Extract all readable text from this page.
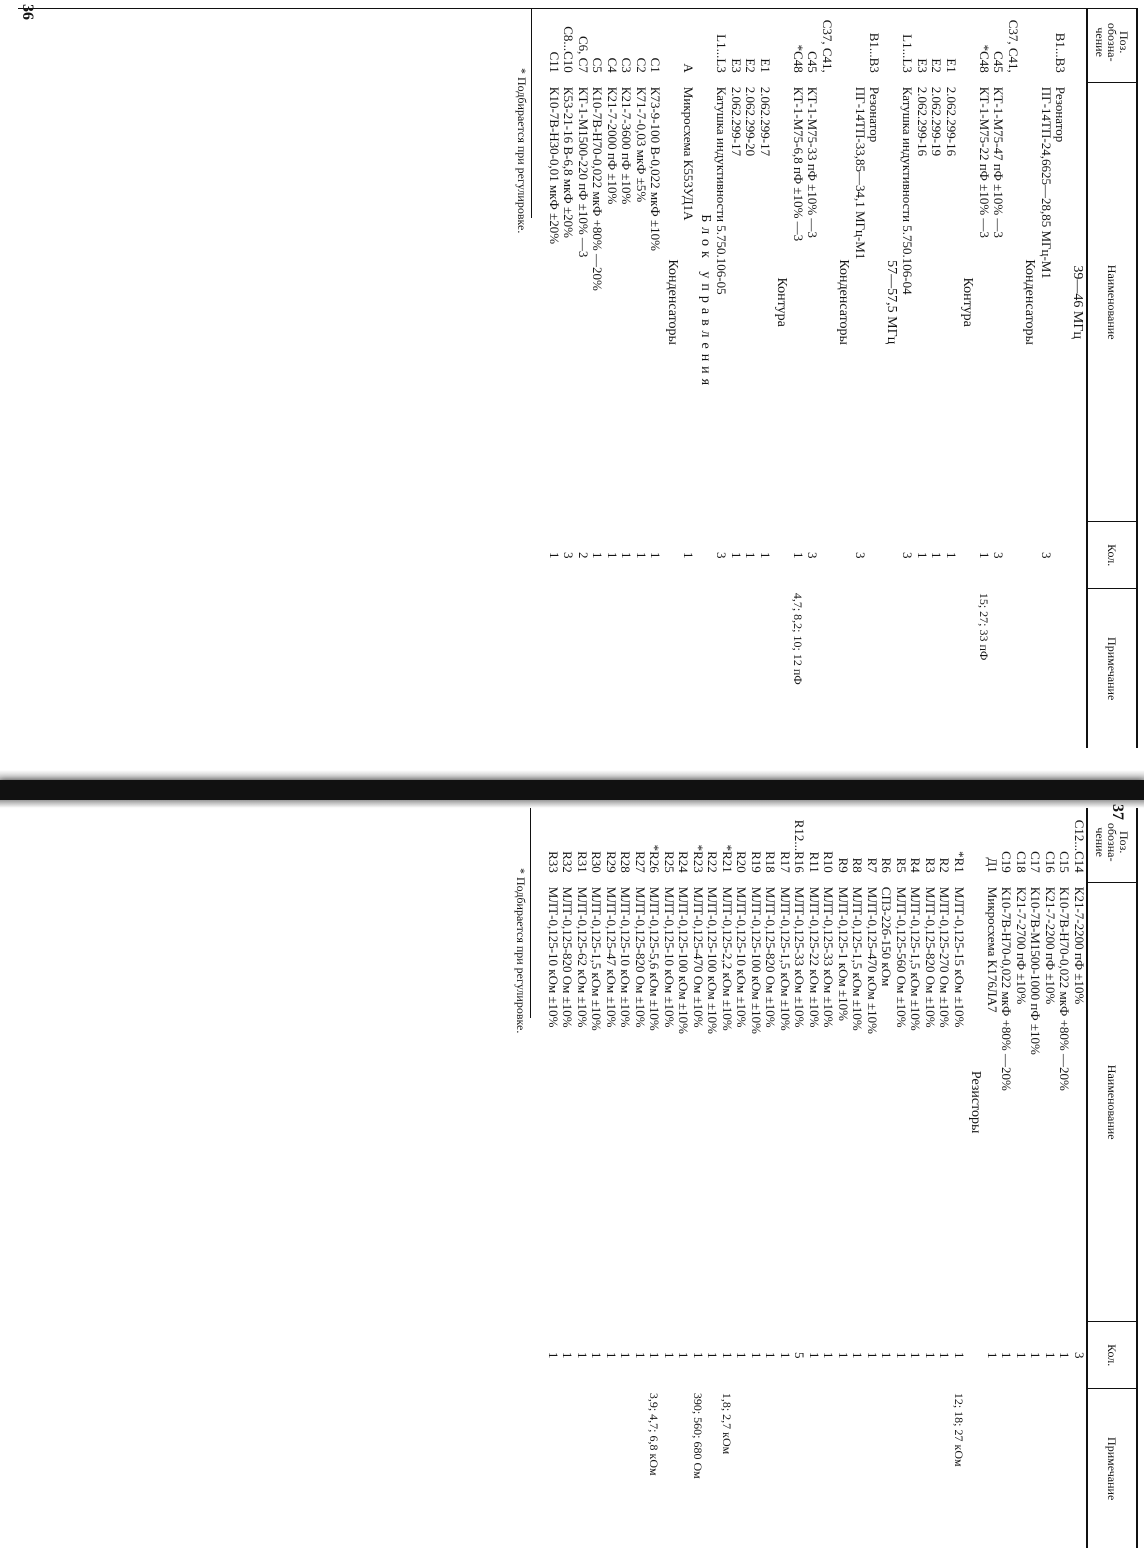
Поз. обозна-чение	Наименование	Кол.	Примечание
	39—46 МГц		
B1...B3	Резонатор		
	ПГ-14ТП-24,6625—28,85 МГц-М1	3	
	Конденсаторы		
C37, C41,			
C45	КТ-1-М75-47 пФ ±10% —3	3	
*C48	КТ-1-М75-22 пФ ±10% —3	1	15; 27; 33 пФ
	Контура		
E1	2.062.299-16	1	
E2	2.062.299-19	1	
E3	2.062.299-16	1	
L1...L3	Катушка индуктивности 5.750.106-04	3	
	57—57,5 МГц		
B1...B3	Резонатор		
	ПГ-14ТП-33,85—34,1 МГц-М1	3	
	Конденсаторы		
C37, C41,			
C45	КТ-1-М75-33 пФ ±10% —3	3	
*C48	КТ-1-М75-6,8 пФ ±10% —3	1	4,7; 8,2; 10; 12 пФ
	Контура		
E1	2.062.299-17	1	
E2	2.062.299-20	1	
E3	2.062.299-17	1	
L1...L3	Катушка индуктивности 5.750.106-05	3	
	Блок управления		
A	Микросхема К553УД1А	1	
	Конденсаторы		
C1	К73-9-100 В-0,022 мкФ ±10%	1	
C2	К71-7-0,03 мкФ ±5%	1	
C3	К21-7-3600 пФ ±10%	1	
C4	К21-7-2000 пФ ±10%	1	
C5	К10-7В-Н70-0,022 мкФ +80% —20%	1	
C6, C7	КТ-1-М1500-220 пФ ±10% —3	2	
C8...C10	К53-21-16 В-6,8 мкФ ±20%	3	
C11	К10-7В-Н30-0,01 мкФ ±20%	1	
* Подбирается при регулировке.
36
Поз. обозна-чение	Наименование	Кол.	Примечание
C12...C14	К21-7-2200 пФ ±10%	3	
C15	К10-7В-Н70-0,022 мкФ +80% —20%	1	
C16	К21-7-2200 пФ ±10%	1	
C17	К10-7В-М1500-1000 пФ ±10%	1	
C18	К21-7-2700 пФ ±10%	1	
C19	К10-7В-Н70-0,022 мкФ +80% —20%	1	
Д1	Микросхема К176ЛА7	1	
	Резисторы		
*R1	МЛТ-0,125-15 кОм ±10%	1	12; 18; 27 кОм
R2	МЛТ-0,125-270 Ом ±10%	1	
R3	МЛТ-0,125-820 Ом ±10%	1	
R4	МЛТ-0,125-1,5 кОм ±10%	1	
R5	МЛТ-0,125-560 Ом ±10%	1	
R6	СП3-22б-150 кОм	1	
R7	МЛТ-0,125-470 кОм ±10%	1	
R8	МЛТ-0,125-1,5 кОм ±10%	1	
R9	МЛТ-0,125-1 кОм ±10%	1	
R10	МЛТ-0,125-33 кОм ±10%	1	
R11	МЛТ-0,125-22 кОм ±10%	1	
R12...R16	МЛТ-0,125-33 кОм ±10%	5	
R17	МЛТ-0,125-1,5 кОм ±10%	1	
R18	МЛТ-0,125-820 Ом ±10%	1	
R19	МЛТ-0,125-100 кОм ±10%	1	
R20	МЛТ-0,125-10 кОм ±10%	1	
*R21	МЛТ-0,125-2,2 кОм ±10%	1	1,8; 2,7 кОм
R22	МЛТ-0,125-100 кОм ±10%	1	
*R23	МЛТ-0,125-470 Ом ±10%	1	390; 560; 680 Ом
R24	МЛТ-0,125-100 кОм ±10%	1	
R25	МЛТ-0,125-10 кОм ±10%	1	
*R26	МЛТ-0,125-5,6 кОм ±10%	1	3,9; 4,7; 6,8 кОм
R27	МЛТ-0,125-820 Ом ±10%	1	
R28	МЛТ-0,125-10 кОм ±10%	1	
R29	МЛТ-0,125-47 кОм ±10%	1	
R30	МЛТ-0,125-1,5 кОм ±10%	1	
R31	МЛТ-0,125-62 кОм ±10%	1	
R32	МЛТ-0,125-820 Ом ±10%	1	
R33	МЛТ-0,125-10 кОм ±10%	1	
* Подбирается при регулировке.
37
